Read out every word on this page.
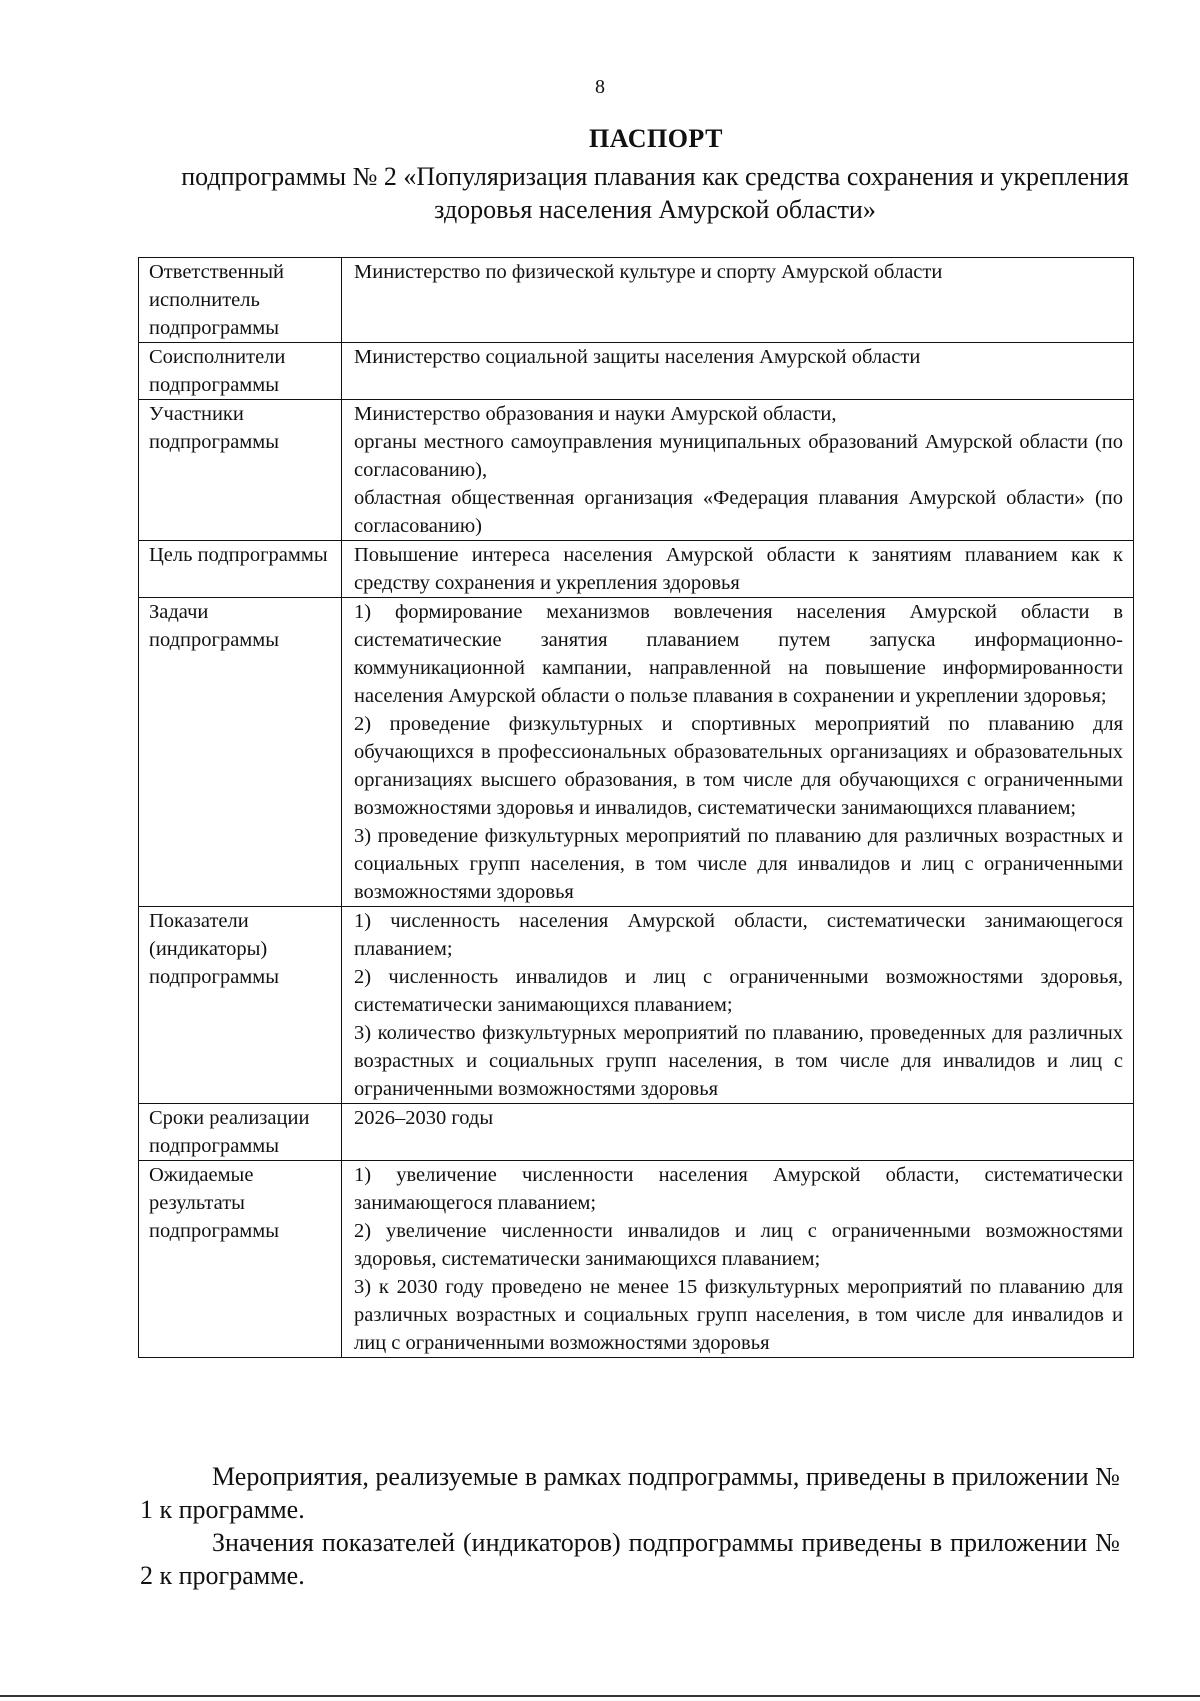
8
ПАСПОРТ
подпрограммы № 2 «Популяризация плавания как средства сохранения и укрепления здоровья населения Амурской области»
Ответственный исполнитель подпрограммы	Министерство по физической культуре и спорту Амурской области

Соисполнители подпрограммы	Министерство социальной защиты населения Амурской области

Участники подпрограммы	Министерство образования и науки Амурской области,
органы местного самоуправления муниципальных образований Амурской области (по согласованию),
областная общественная организация «Федерация плавания Амурской области» (по согласованию)

Цель подпрограммы	Повышение интереса населения Амурской области к занятиям плаванием как к средству сохранения и укрепления здоровья

Задачи подпрограммы	1) формирование механизмов вовлечения населения Амурской области в систематические занятия плаванием путем запуска информационно-коммуникационной кампании, направленной на повышение информированности населения Амурской области о пользе плавания в сохранении и укреплении здоровья;
2) проведение физкультурных и спортивных мероприятий по плаванию для обучающихся в профессиональных образовательных организациях и образовательных организациях высшего образования, в том числе для обучающихся с ограниченными возможностями здоровья и инвалидов, систематически занимающихся плаванием;
3) проведение физкультурных мероприятий по плаванию для различных возрастных и социальных групп населения, в том числе для инвалидов и лиц с ограниченными возможностями здоровья

Показатели (индикаторы) подпрограммы	1) численность населения Амурской области, систематически занимающегося плаванием;
2) численность инвалидов и лиц с ограниченными возможностями здоровья, систематически занимающихся плаванием;
3) количество физкультурных мероприятий по плаванию, проведенных для различных возрастных и социальных групп населения, в том числе для инвалидов и лиц с ограниченными возможностями здоровья

Сроки реализации подпрограммы	2026–2030 годы

Ожидаемые результаты подпрограммы	1) увеличение численности населения Амурской области, систематически занимающегося плаванием;
2) увеличение численности инвалидов и лиц с ограниченными возможностями здоровья, систематически занимающихся плаванием;
3) к 2030 году проведено не менее 15 физкультурных мероприятий по плаванию для различных возрастных и социальных групп населения, в том числе для инвалидов и лиц с ограниченными возможностями здоровья

Мероприятия, реализуемые в рамках подпрограммы, приведены в приложении № 1 к программе.

Значения показателей (индикаторов) подпрограммы приведены в приложении № 2 к программе.
